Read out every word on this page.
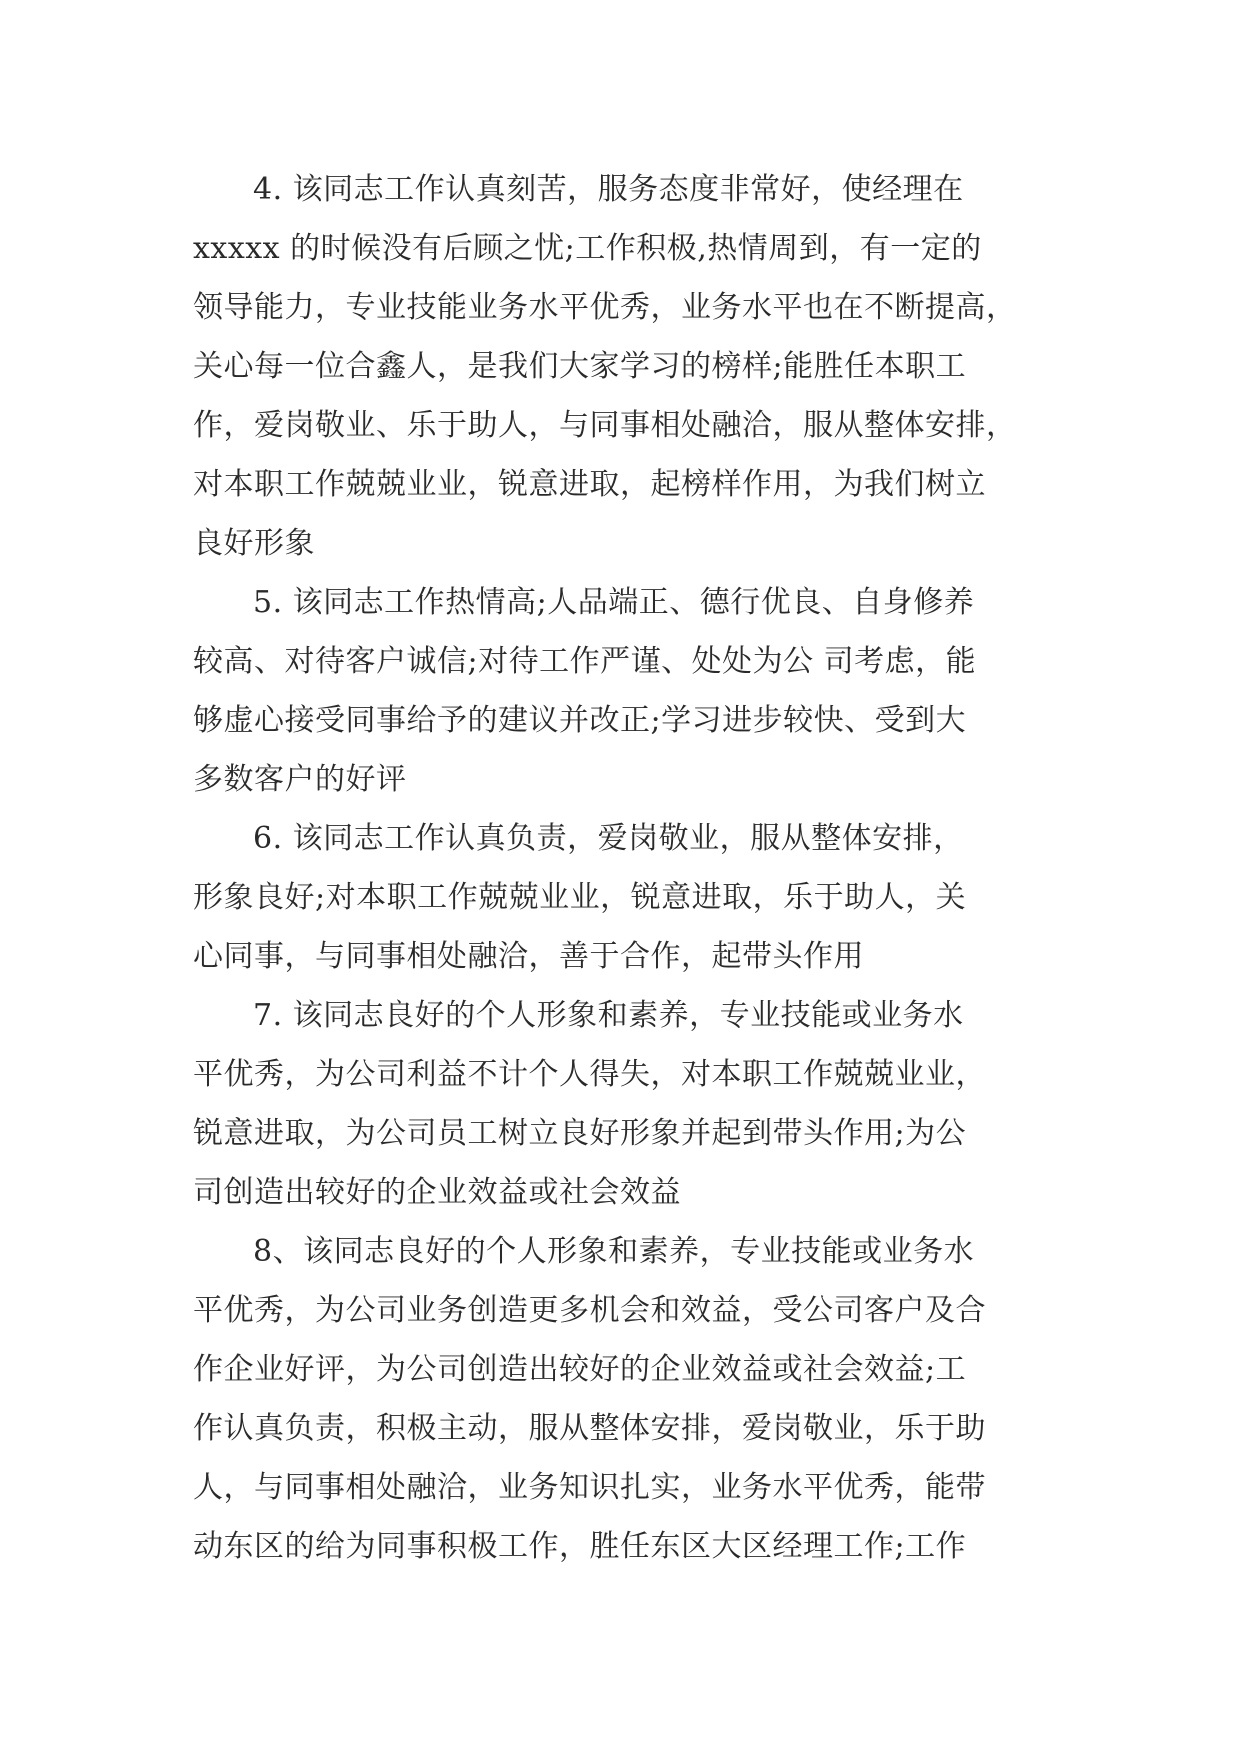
4. 该同志工作认真刻苦，服务态度非常好，使经理在
xxxxx 的时候没有后顾之忧;工作积极,热情周到，有一定的
领导能力，专业技能业务水平优秀，业务水平也在不断提高，
关心每一位合鑫人，是我们大家学习的榜样;能胜任本职工
作，爱岗敬业、乐于助人，与同事相处融洽，服从整体安排，
对本职工作兢兢业业，锐意进取，起榜样作用，为我们树立
良好形象
5. 该同志工作热情高;人品端正、德行优良、自身修养
较高、对待客户诚信;对待工作严谨、处处为公 司考虑，能
够虚心接受同事给予的建议并改正;学习进步较快、受到大
多数客户的好评
6. 该同志工作认真负责，爱岗敬业，服从整体安排，
形象良好;对本职工作兢兢业业，锐意进取，乐于助人，关
心同事，与同事相处融洽，善于合作，起带头作用
7. 该同志良好的个人形象和素养，专业技能或业务水
平优秀，为公司利益不计个人得失，对本职工作兢兢业业，
锐意进取，为公司员工树立良好形象并起到带头作用;为公
司创造出较好的企业效益或社会效益
8、该同志良好的个人形象和素养，专业技能或业务水
平优秀，为公司业务创造更多机会和效益，受公司客户及合
作企业好评，为公司创造出较好的企业效益或社会效益;工
作认真负责，积极主动，服从整体安排，爱岗敬业，乐于助
人，与同事相处融洽，业务知识扎实，业务水平优秀，能带
动东区的给为同事积极工作，胜任东区大区经理工作;工作
